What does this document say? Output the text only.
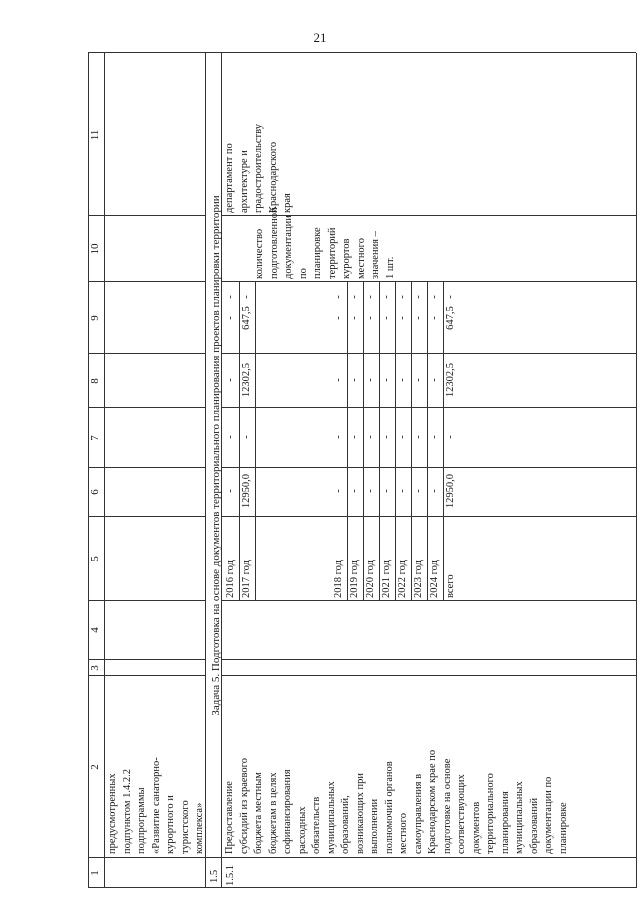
21
1
2
3
4
5
6
7
8
9
10
11
предусмотренных
подпунктом 1.4.2.2
подпрограммы
«Развитие санаторно-
курортного и
туристского
комплекса»
1.5
Задача 5. Подготовка на основе документов территориального планирования проектов планировки территории
1.5.1
Предоставление
субсидий из краевого
бюджета местным
бюджетам в целях
софинансирования
расходных
обязательств
муниципальных
образований,
возникающих при
выполнении
полномочий органов
местного
самоуправления в
Краснодарском крае по
подготовке на основе
соответствующих
документов
территориального
планирования
муниципальных
образований
документации по
планировке
2016 год
-
-
-
-
-
2017 год
12950,0
-
12302,5
647,5
-
2018 год
-
-
-
-
-
2019 год
-
-
-
-
-
2020 год
-
-
-
-
-
2021 год
-
-
-
-
-
2022 год
-
-
-
-
-
2023 год
-
-
-
-
-
2024 год
-
-
-
-
-
всего
12950,0
-
12302,5
647,5
-
количество
подготовленной
документации
по
планировке
территорий курортов
местного значения –
1 шт.
департамент по
архитектуре и
градостроительству
Краснодарского
края
